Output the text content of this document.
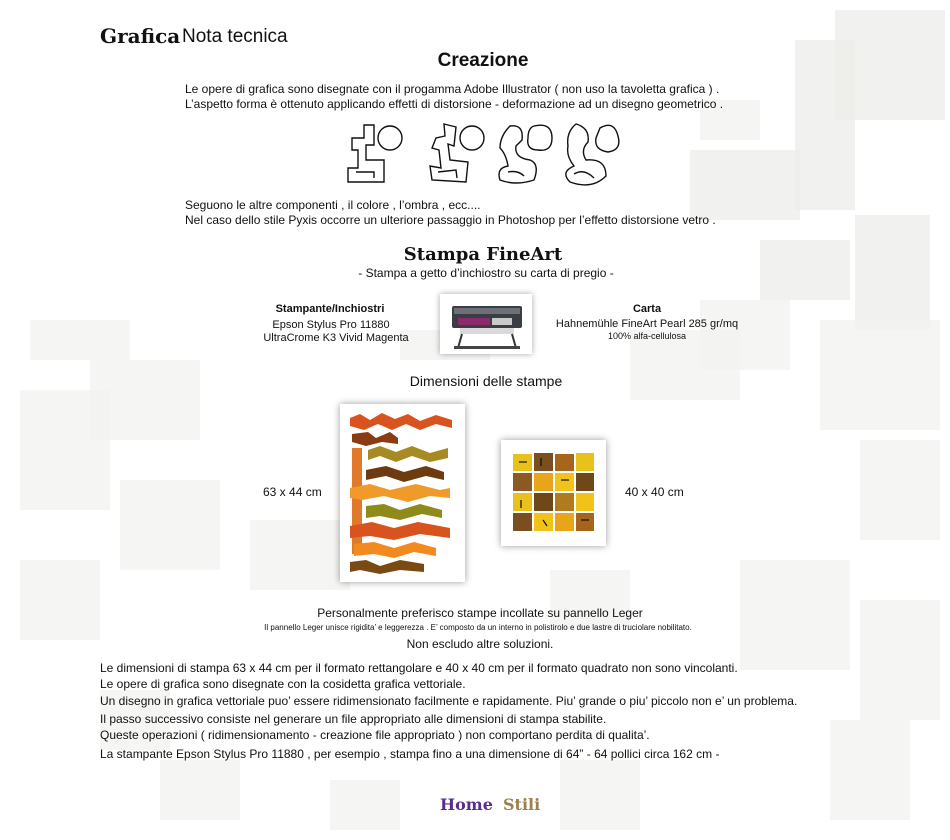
Grafica Nota tecnica
Creazione
Le opere di grafica sono disegnate con il progamma Adobe Illustrator ( non uso la tavoletta grafica ) .
L’aspetto forma è ottenuto applicando effetti di distorsione - deformazione ad un disegno geometrico .
Seguono le altre componenti , il colore , l’ombra , ecc....
Nel caso dello stile Pyxis occorre un ulteriore passaggio in Photoshop per l’effetto distorsione vetro .
Stampa FineArt
- Stampa a getto d’inchiostro su carta di pregio -
Stampante/Inchiostri
Epson Stylus Pro 11880
UltraCrome K3 Vivid Magenta
Carta
Hahnemühle FineArt Pearl 285 gr/mq
100% alfa-cellulosa
Dimensioni delle stampe
63 x 44 cm	40 x 40 cm
Personalmente preferisco stampe incollate su pannello Leger
Il pannello Leger unisce rigidita’ e leggerezza . E’ composto da un interno in polistirolo e due lastre di truciolare nobilitato.
Non escludo altre soluzioni.
Le dimensioni di stampa 63 x 44 cm per il formato rettangolare e 40 x 40 cm per il formato quadrato non sono vincolanti.
Le opere di grafica sono disegnate con la cosidetta grafica vettoriale.
Un disegno in grafica vettoriale puo’ essere ridimensionato facilmente e rapidamente. Piu’ grande o piu’ piccolo non e’ un problema.
Il passo successivo consiste nel generare un file appropriato alle dimensioni di stampa stabilite.
Queste operazioni ( ridimensionamento - creazione file appropriato ) non comportano perdita di qualita’.
La stampante Epson Stylus Pro 11880 , per esempio , stampa fino a una dimensione di 64” - 64 pollici circa 162 cm -
Home Stili
